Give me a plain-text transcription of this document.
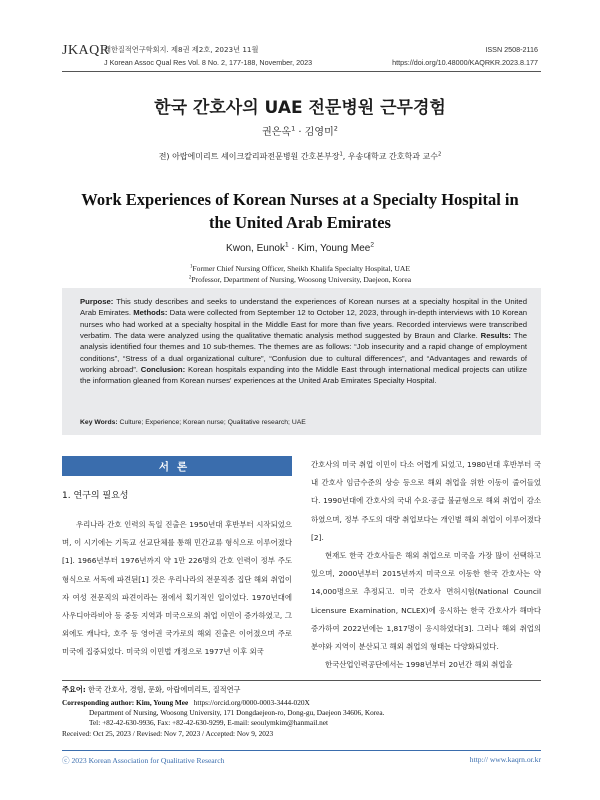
JKAQR
대한질적연구학회지. 제8권 제2호, 2023년 11월
J Korean Assoc Qual Res Vol. 8 No. 2, 177-188, November, 2023
ISSN 2508-2116
https://doi.org/10.48000/KAQRKR.2023.8.177
한국 간호사의 UAE 전문병원 근무경험
권은옥$^1$ · 김영미$^2$
전) 아랍에미리트 셰이크칼리파전문병원 간호본부장$^1$, 우송대학교 간호학과 교수$^2$
Work Experiences of Korean Nurses at a Specialty Hospital in the United Arab Emirates
Kwon, Eunok$^1$ · Kim, Young Mee$^2$
$^1$Former Chief Nursing Officer, Sheikh Khalifa Specialty Hospital, UAE
$^2$Professor, Department of Nursing, Woosong University, Daejeon, Korea
Purpose: This study describes and seeks to understand the experiences of Korean nurses at a specialty hospital in the United Arab Emirates. Methods: Data were collected from September 12 to October 12, 2023, through in-depth interviews with 10 Korean nurses who had worked at a specialty hospital in the Middle East for more than five years. Recorded interviews were transcribed verbatim. The data were analyzed using the qualitative thematic analysis method suggested by Braun and Clarke. Results: The analysis identified four themes and 10 sub-themes. The themes are as follows: “Job insecurity and a rapid change of employment conditions”, “Stress of a dual organizational culture”, “Confusion due to cultural differences”, and “Advantages and rewards of working abroad”. Conclusion: Korean hospitals expanding into the Middle East through international medical projects can utilize the information gleaned from Korean nurses' experiences at the United Arab Emirates Specialty Hospital.
Key Words: Culture; Experience; Korean nurse; Qualitative research; UAE
서론
1. 연구의 필요성

우리나라 간호 인력의 독일 진출은 1950년대 후반부터 시작되었으며, 이 시기에는 기독교 선교단체를 통해 민간교류 형식으로 이루어졌다[1]. 1966년부터 1976년까지 약 1만 226명의 간호 인력이 정부 주도 형식으로 서독에 파견된[1] 것은 우리나라의 전문직종 집단 해외 취업이자 여성 전문직의 파견이라는 점에서 획기적인 일이었다. 1970년대에 사우디아라비아 등 중동 지역과 미국으로의 취업 이민이 증가하였고, 그 외에도 캐나다, 호주 등 영어권 국가로의 해외 진출은 이어졌으며 주로 미국에 집중되었다. 미국의 이민법 개정으로 1977년 이후 외국

간호사의 미국 취업 이민이 다소 어렵게 되었고, 1980년대 후반부터 국내 간호사 임금수준의 상승 등으로 해외 취업을 위한 이동이 줄어들었다. 1990년대에 간호사의 국내 수요·공급 불균형으로 해외 취업이 감소하였으며, 정부 주도의 대량 취업보다는 개인별 해외 취업이 이루어졌다[2].

현재도 한국 간호사들은 해외 취업으로 미국을 가장 많이 선택하고 있으며, 2000년부터 2015년까지 미국으로 이동한 한국 간호사는 약 14,000명으로 추정되고. 미국 간호사 면허시험(National Council Licensure Examination, NCLEX)에 응시하는 한국 간호사가 해마다 증가하여 2022년에는 1,817명이 응시하였다[3]. 그러나 해외 취업의 분야와 지역이 분산되고 해외 취업의 형태는 다양화되었다.

한국산업인력공단에서는 1998년부터 20년간 해외 취업을

주요어: 한국 간호사, 경험, 문화, 아랍에미리트, 질적연구
Corresponding author: Kim, Young Mee https://orcid.org/0000-0003-3444-020X
Department of Nursing, Woosong University, 171 Dongdaejeon-ro, Dong-gu, Daejeon 34606, Korea.
Tel: +82-42-630-9936, Fax: +82-42-630-9299, E-mail: seoulymkim@hanmail.net
Received: Oct 25, 2023 / Revised: Nov 7, 2023 / Accepted: Nov 9, 2023
ⓒ 2023 Korean Association for Qualitative Research	http:// www.kaqrn.or.kr
